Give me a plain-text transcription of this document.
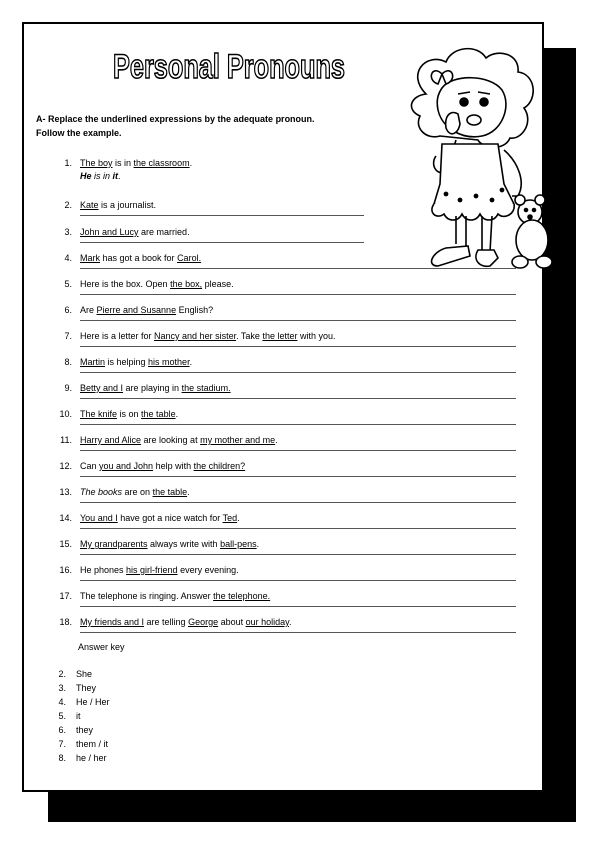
Personal Pronouns
A- Replace the underlined expressions by the adequate pronoun.
Follow the example.
1. The boy is in the classroom.
He is in it.
2. Kate is a journalist.
3. John and Lucy are married.
4. Mark has got a book for Carol.
5. Here is the box. Open the box, please.
6. Are Pierre and Susanne English?
7. Here is a letter for Nancy and her sister. Take the letter with you.
8. Martin is helping his mother.
9. Betty and I are playing in the stadium.
10. The knife is on the table.
11. Harry and Alice are looking at my mother and me.
12. Can you and John help with the children?
13. The books are on the table.
14. You and I have got a nice watch for Ted.
15. My grandparents always write with ball-pens.
16. He phones his girl-friend every evening.
17. The telephone is ringing. Answer the telephone.
18. My friends and I are telling George about our holiday.
Answer key
2. She
3. They
4. He / Her
5. it
6. they
7. them / it
8. he / her
